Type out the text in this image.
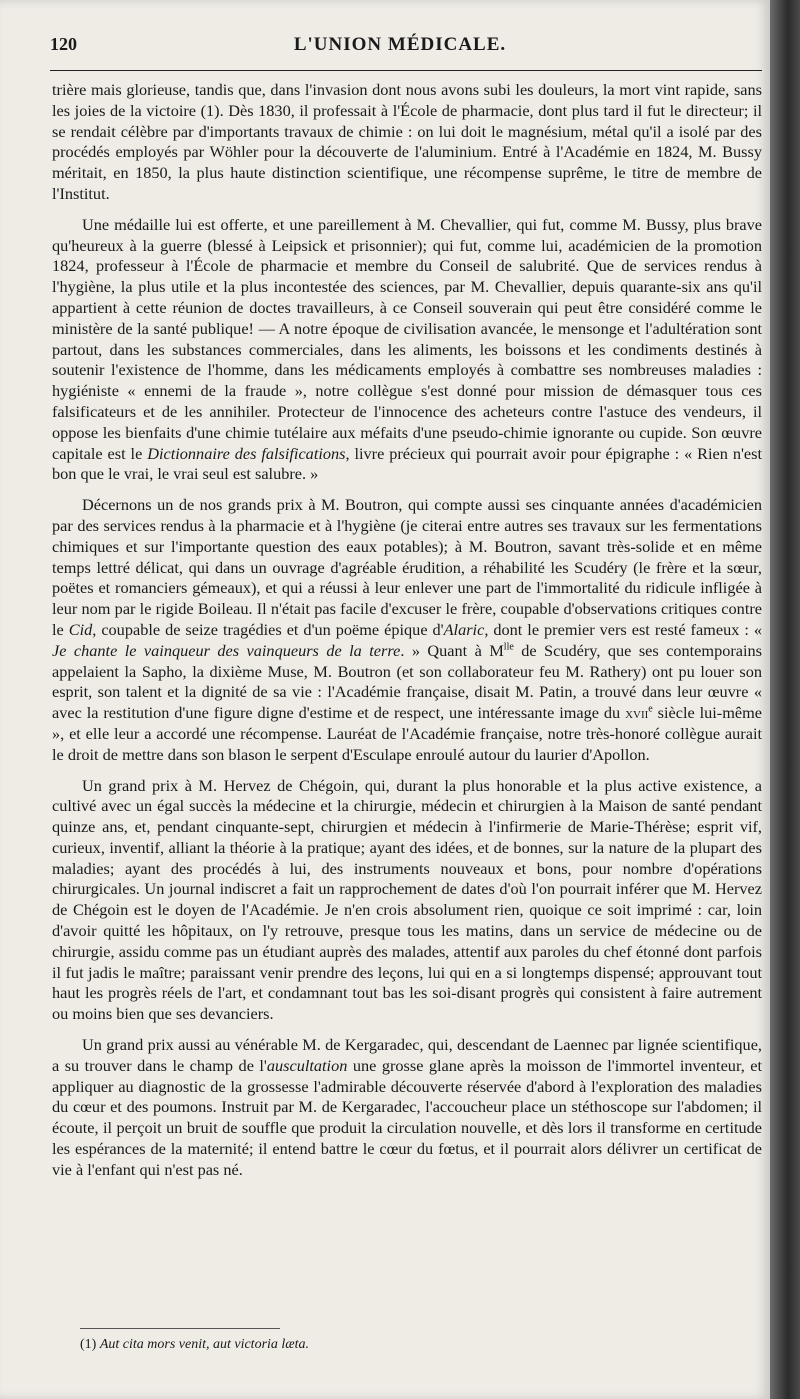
120	L'UNION MÉDICALE.

trière mais glorieuse, tandis que, dans l'invasion dont nous avons subi les douleurs, la mort vint rapide, sans les joies de la victoire (1). Dès 1830, il professait à l'École de pharmacie, dont plus tard il fut le directeur; il se rendait célèbre par d'importants travaux de chimie : on lui doit le magnésium, métal qu'il a isolé par des procédés employés par Wöhler pour la découverte de l'aluminium. Entré à l'Académie en 1824, M. Bussy méritait, en 1850, la plus haute distinction scientifique, une récompense suprême, le titre de membre de l'Institut.

Une médaille lui est offerte, et une pareillement à M. Chevallier, qui fut, comme M. Bussy, plus brave qu'heureux à la guerre (blessé à Leipsick et prisonnier); qui fut, comme lui, académicien de la promotion 1824, professeur à l'École de pharmacie et membre du Conseil de salubrité. Que de services rendus à l'hygiène, la plus utile et la plus incontestée des sciences, par M. Chevallier, depuis quarante-six ans qu'il appartient à cette réunion de doctes travailleurs, à ce Conseil souverain qui peut être considéré comme le ministère de la santé publique! — A notre époque de civilisation avancée, le mensonge et l'adultération sont partout, dans les substances commerciales, dans les aliments, les boissons et les condiments destinés à soutenir l'existence de l'homme, dans les médicaments employés à combattre ses nombreuses maladies : hygiéniste « ennemi de la fraude », notre collègue s'est donné pour mission de démasquer tous ces falsificateurs et de les annihiler. Protecteur de l'innocence des acheteurs contre l'astuce des vendeurs, il oppose les bienfaits d'une chimie tutélaire aux méfaits d'une pseudo-chimie ignorante ou cupide. Son œuvre capitale est le Dictionnaire des falsifications, livre précieux qui pourrait avoir pour épigraphe : « Rien n'est bon que le vrai, le vrai seul est salubre. »

Décernons un de nos grands prix à M. Boutron, qui compte aussi ses cinquante années d'académicien par des services rendus à la pharmacie et à l'hygiène (je citerai entre autres ses travaux sur les fermentations chimiques et sur l'importante question des eaux potables); à M. Boutron, savant très-solide et en même temps lettré délicat, qui dans un ouvrage d'agréable érudition, a réhabilité les Scudéry (le frère et la sœur, poëtes et romanciers gémeaux), et qui a réussi à leur enlever une part de l'immortalité du ridicule infligée à leur nom par le rigide Boileau. Il n'était pas facile d'excuser le frère, coupable d'observations critiques contre le Cid, coupable de seize tragédies et d'un poëme épique d'Alaric, dont le premier vers est resté fameux : « Je chante le vainqueur des vainqueurs de la terre. » Quant à $M^{lle}$ de Scudéry, que ses contemporains appelaient la Sapho, la dixième Muse, M. Boutron (et son collaborateur feu M. Rathery) ont pu louer son esprit, son talent et la dignité de sa vie : l'Académie française, disait M. Patin, a trouvé dans leur œuvre « avec la restitution d'une figure digne d'estime et de respect, une intéressante image du xvii$^e$ siècle lui-même », et elle leur a accordé une récompense. Lauréat de l'Académie française, notre très-honoré collègue aurait le droit de mettre dans son blason le serpent d'Esculape enroulé autour du laurier d'Apollon.

Un grand prix à M. Hervez de Chégoin, qui, durant la plus honorable et la plus active existence, a cultivé avec un égal succès la médecine et la chirurgie, médecin et chirurgien à la Maison de santé pendant quinze ans, et, pendant cinquante-sept, chirurgien et médecin à l'infirmerie de Marie-Thérèse; esprit vif, curieux, inventif, alliant la théorie à la pratique; ayant des idées, et de bonnes, sur la nature de la plupart des maladies; ayant des procédés à lui, des instruments nouveaux et bons, pour nombre d'opérations chirurgicales. Un journal indiscret a fait un rapprochement de dates d'où l'on pourrait inférer que M. Hervez de Chégoin est le doyen de l'Académie. Je n'en crois absolument rien, quoique ce soit imprimé : car, loin d'avoir quitté les hôpitaux, on l'y retrouve, presque tous les matins, dans un service de médecine ou de chirurgie, assidu comme pas un étudiant auprès des malades, attentif aux paroles du chef étonné dont parfois il fut jadis le maître; paraissant venir prendre des leçons, lui qui en a si longtemps dispensé; approuvant tout haut les progrès réels de l'art, et condamnant tout bas les soi-disant progrès qui consistent à faire autrement ou moins bien que ses devanciers.

Un grand prix aussi au vénérable M. de Kergaradec, qui, descendant de Laennec par lignée scientifique, a su trouver dans le champ de l'auscultation une grosse glane après la moisson de l'immortel inventeur, et appliquer au diagnostic de la grossesse l'admirable découverte réservée d'abord à l'exploration des maladies du cœur et des poumons. Instruit par M. de Kergaradec, l'accoucheur place un stéthoscope sur l'abdomen; il écoute, il perçoit un bruit de souffle que produit la circulation nouvelle, et dès lors il transforme en certitude les espérances de la maternité; il entend battre le cœur du fœtus, et il pourrait alors délivrer un certificat de vie à l'enfant qui n'est pas né.

(1) Aut cita mors venit, aut victoria læta.
